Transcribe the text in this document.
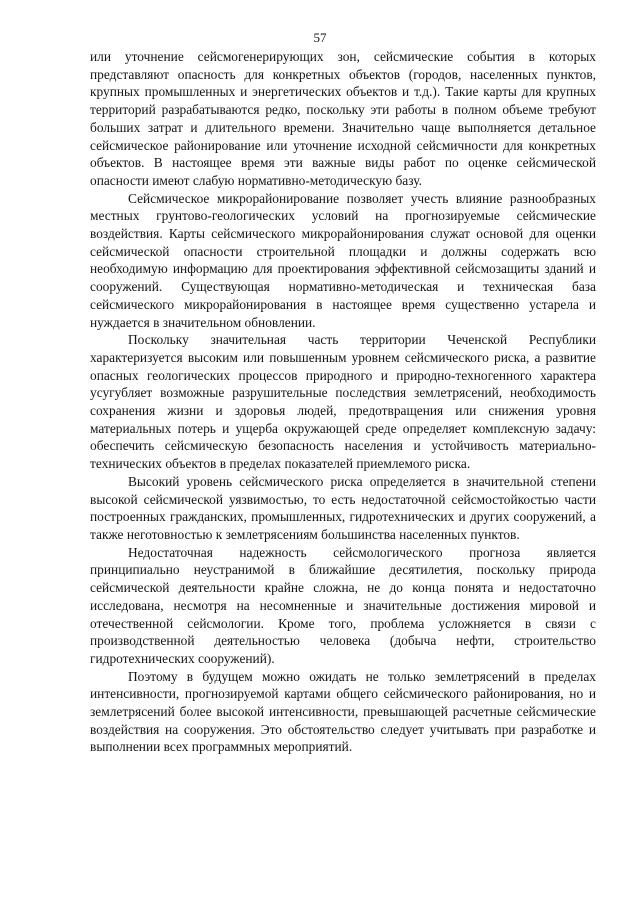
57

или уточнение сейсмогенерирующих зон, сейсмические события в которых представляют опасность для конкретных объектов (городов, населенных пунктов, крупных промышленных и энергетических объектов и т.д.). Такие карты для крупных территорий разрабатываются редко, поскольку эти работы в полном объеме требуют больших затрат и длительного времени. Значительно чаще выполняется детальное сейсмическое районирование или уточнение исходной сейсмичности для конкретных объектов. В настоящее время эти важные виды работ по оценке сейсмической опасности имеют слабую нормативно-методическую базу.

Сейсмическое микрорайонирование позволяет учесть влияние разнообразных местных грунтово-геологических условий на прогнозируемые сейсмические воздействия. Карты сейсмического микрорайонирования служат основой для оценки сейсмической опасности строительной площадки и должны содержать всю необходимую информацию для проектирования эффективной сейсмозащиты зданий и сооружений. Существующая нормативно-методическая и техническая база сейсмического микрорайонирования в настоящее время существенно устарела и нуждается в значительном обновлении.

Поскольку значительная часть территории Чеченской Республики характеризуется высоким или повышенным уровнем сейсмического риска, а развитие опасных геологических процессов природного и природно-техногенного характера усугубляет возможные разрушительные последствия землетрясений, необходимость сохранения жизни и здоровья людей, предотвращения или снижения уровня материальных потерь и ущерба окружающей среде определяет комплексную задачу: обеспечить сейсмическую безопасность населения и устойчивость материально-технических объектов в пределах показателей приемлемого риска.

Высокий уровень сейсмического риска определяется в значительной степени высокой сейсмической уязвимостью, то есть недостаточной сейсмостойкостью части построенных гражданских, промышленных, гидротехнических и других сооружений, а также неготовностью к землетрясениям большинства населенных пунктов.

Недостаточная надежность сейсмологического прогноза является принципиально неустранимой в ближайшие десятилетия, поскольку природа сейсмической деятельности крайне сложна, не до конца понята и недостаточно исследована, несмотря на несомненные и значительные достижения мировой и отечественной сейсмологии. Кроме того, проблема усложняется в связи с производственной деятельностью человека (добыча нефти, строительство гидротехнических сооружений).

Поэтому в будущем можно ожидать не только землетрясений в пределах интенсивности, прогнозируемой картами общего сейсмического районирования, но и землетрясений более высокой интенсивности, превышающей расчетные сейсмические воздействия на сооружения. Это обстоятельство следует учитывать при разработке и выполнении всех программных мероприятий.
